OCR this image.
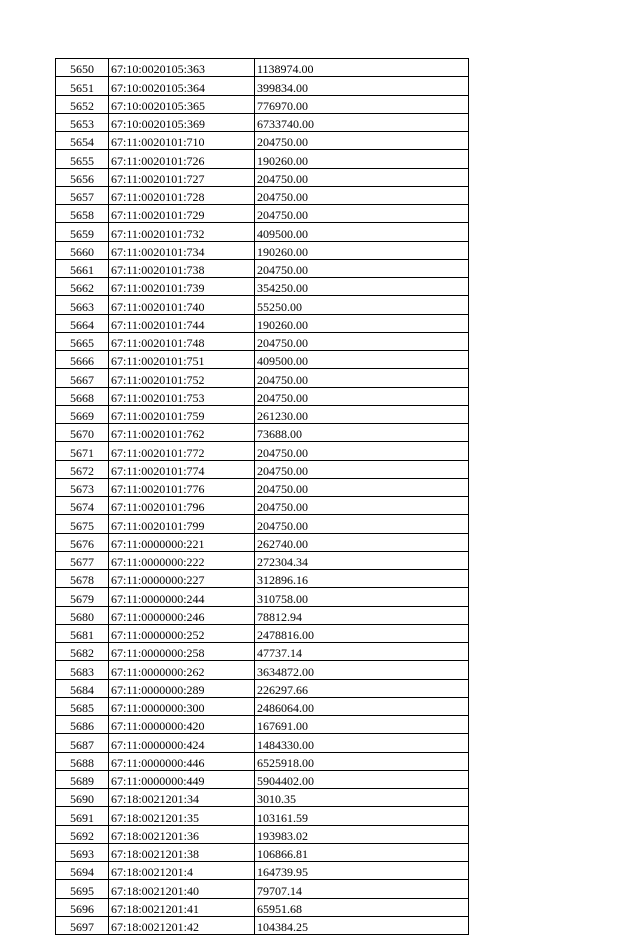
5650	67:10:0020105:363	1138974.00
5651	67:10:0020105:364	399834.00
5652	67:10:0020105:365	776970.00
5653	67:10:0020105:369	6733740.00
5654	67:11:0020101:710	204750.00
5655	67:11:0020101:726	190260.00
5656	67:11:0020101:727	204750.00
5657	67:11:0020101:728	204750.00
5658	67:11:0020101:729	204750.00
5659	67:11:0020101:732	409500.00
5660	67:11:0020101:734	190260.00
5661	67:11:0020101:738	204750.00
5662	67:11:0020101:739	354250.00
5663	67:11:0020101:740	55250.00
5664	67:11:0020101:744	190260.00
5665	67:11:0020101:748	204750.00
5666	67:11:0020101:751	409500.00
5667	67:11:0020101:752	204750.00
5668	67:11:0020101:753	204750.00
5669	67:11:0020101:759	261230.00
5670	67:11:0020101:762	73688.00
5671	67:11:0020101:772	204750.00
5672	67:11:0020101:774	204750.00
5673	67:11:0020101:776	204750.00
5674	67:11:0020101:796	204750.00
5675	67:11:0020101:799	204750.00
5676	67:11:0000000:221	262740.00
5677	67:11:0000000:222	272304.34
5678	67:11:0000000:227	312896.16
5679	67:11:0000000:244	310758.00
5680	67:11:0000000:246	78812.94
5681	67:11:0000000:252	2478816.00
5682	67:11:0000000:258	47737.14
5683	67:11:0000000:262	3634872.00
5684	67:11:0000000:289	226297.66
5685	67:11:0000000:300	2486064.00
5686	67:11:0000000:420	167691.00
5687	67:11:0000000:424	1484330.00
5688	67:11:0000000:446	6525918.00
5689	67:11:0000000:449	5904402.00
5690	67:18:0021201:34	3010.35
5691	67:18:0021201:35	103161.59
5692	67:18:0021201:36	193983.02
5693	67:18:0021201:38	106866.81
5694	67:18:0021201:4	164739.95
5695	67:18:0021201:40	79707.14
5696	67:18:0021201:41	65951.68
5697	67:18:0021201:42	104384.25
